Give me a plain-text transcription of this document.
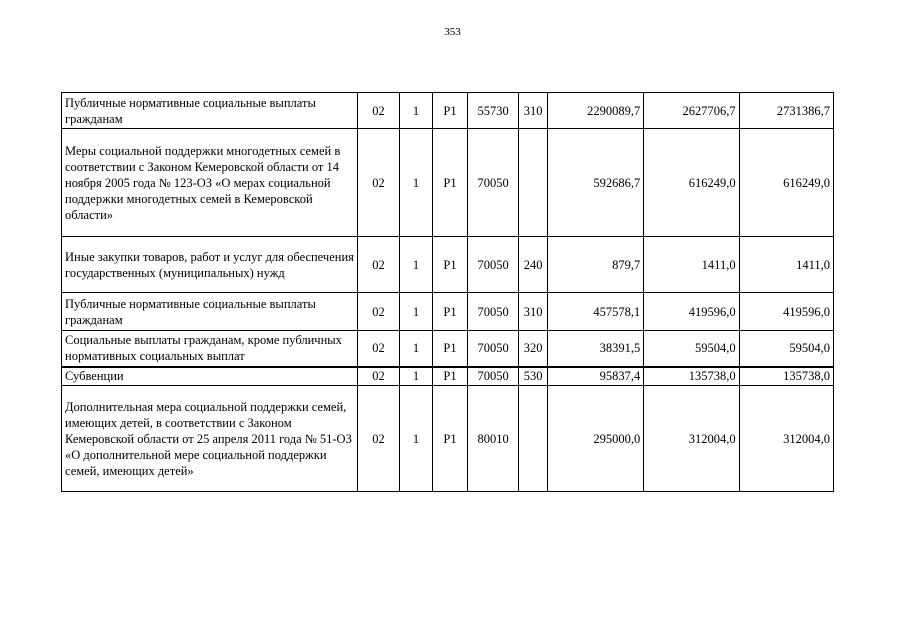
353
Публичные нормативные социальные выплаты гражданам	02	1	P1	55730	310	2290089,7	2627706,7	2731386,7
Меры социальной поддержки многодетных семей в соответствии с Законом Кемеровской области от 14 ноября 2005 года № 123-ОЗ «О мерах социальной поддержки многодетных семей в Кемеровской области»	02	1	P1	70050		592686,7	616249,0	616249,0
Иные закупки товаров, работ и услуг для обеспечения государственных (муниципальных) нужд	02	1	P1	70050	240	879,7	1411,0	1411,0
Публичные нормативные социальные выплаты гражданам	02	1	P1	70050	310	457578,1	419596,0	419596,0
Социальные выплаты гражданам, кроме публичных нормативных социальных выплат	02	1	P1	70050	320	38391,5	59504,0	59504,0
Субвенции	02	1	P1	70050	530	95837,4	135738,0	135738,0
Дополнительная мера социальной поддержки семей, имеющих детей, в соответствии с Законом Кемеровской области от 25 апреля 2011 года № 51-ОЗ «О дополнительной мере социальной поддержки семей, имеющих детей»	02	1	P1	80010		295000,0	312004,0	312004,0
